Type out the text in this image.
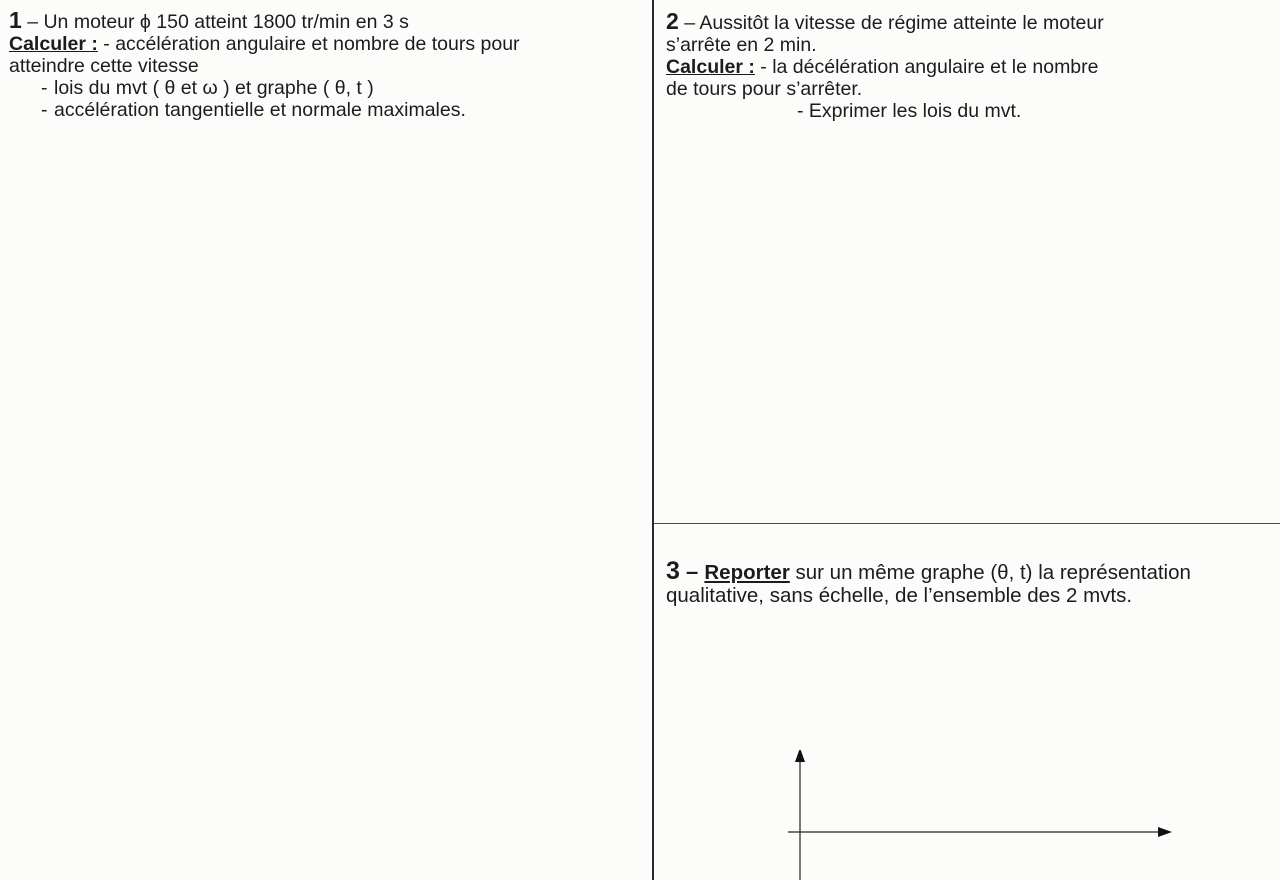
1 – Un moteur ϕ 150 atteint 1800 tr/min en 3 s
Calculer : - accélération angulaire et nombre de tours pour
atteindre cette vitesse
- lois du mvt ( θ et ω ) et graphe ( θ, t )
- accélération tangentielle et normale maximales.
2 – Aussitôt la vitesse de régime atteinte le moteur
s’arrête en 2 min.
Calculer : - la décélération angulaire et le nombre
de tours pour s’arrêter.
- Exprimer les lois du mvt.
3 – Reporter sur un même graphe (θ, t) la représentation
qualitative, sans échelle, de l’ensemble des 2 mvts.
